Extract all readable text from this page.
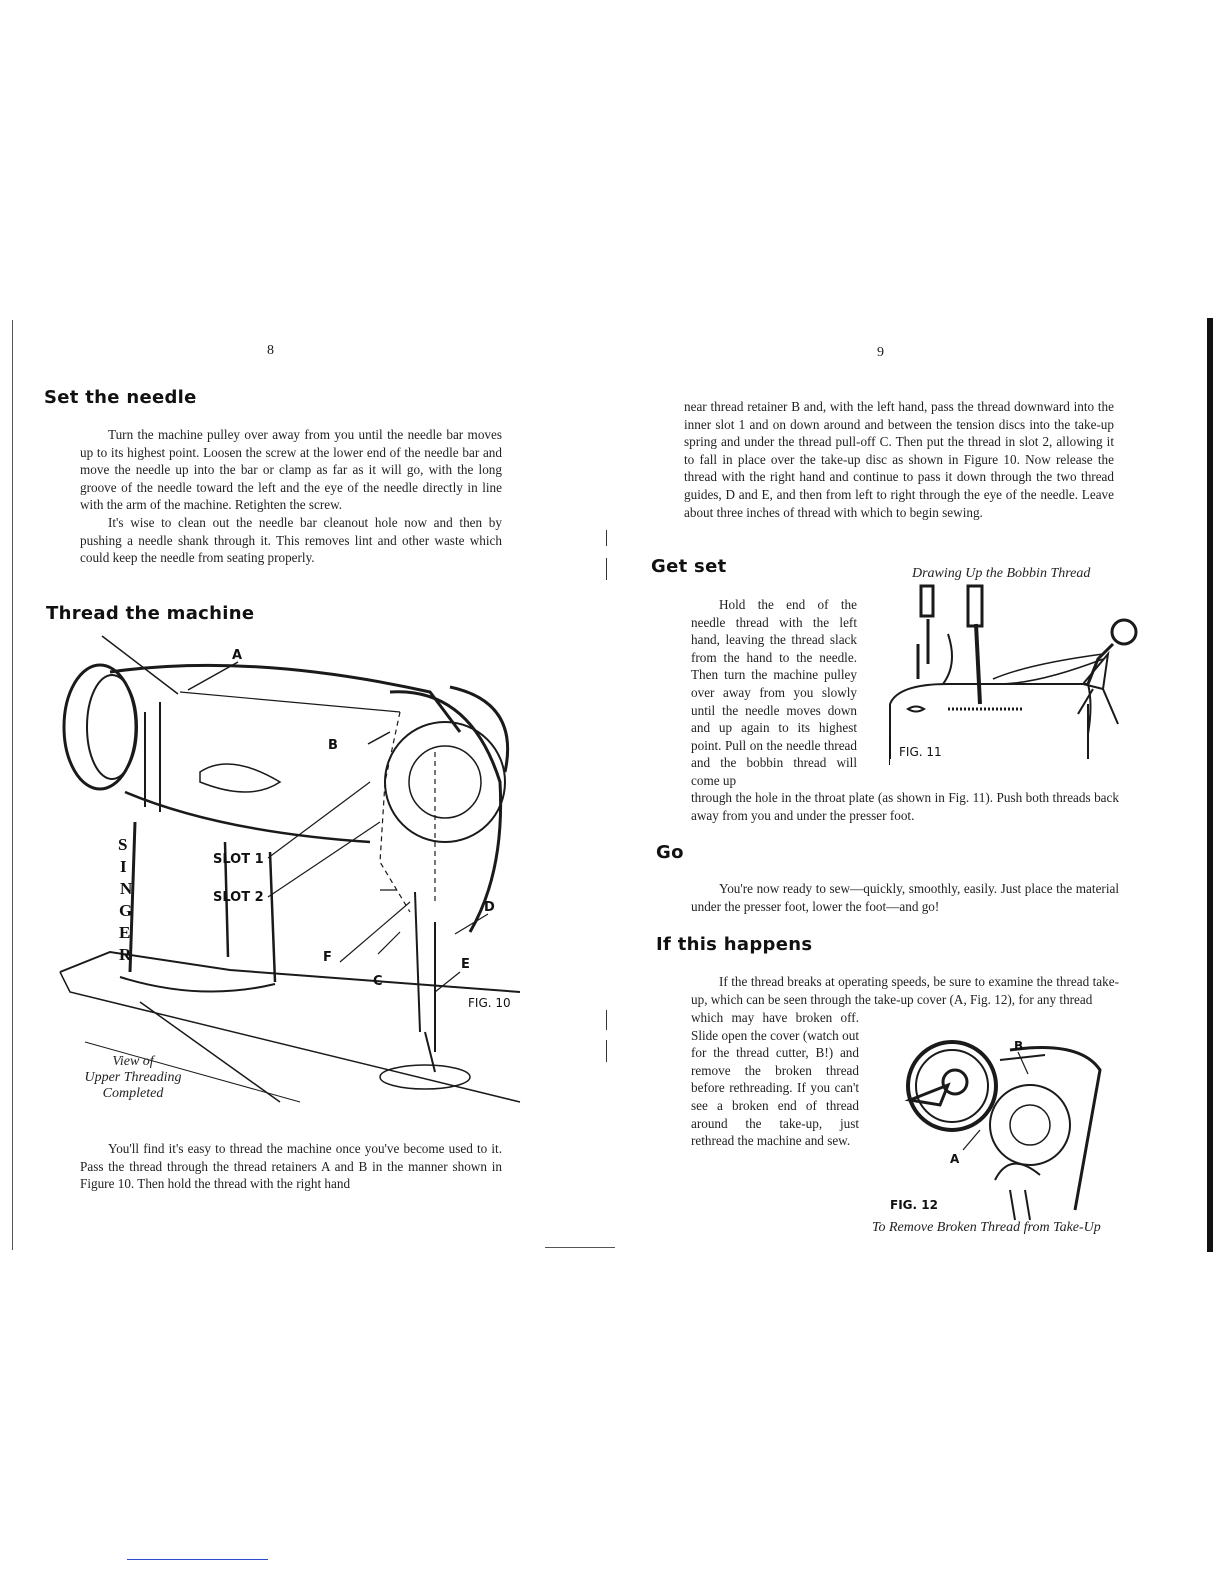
8
Set the needle

Turn the machine pulley over away from you until the needle bar moves up to its highest point. Loosen the screw at the lower end of the needle bar and move the needle up into the bar or clamp as far as it will go, with the long groove of the needle toward the left and the eye of the needle directly in line with the arm of the machine. Retighten the screw.

It's wise to clean out the needle bar cleanout hole now and then by pushing a needle shank through it. This removes lint and other waste which could keep the needle from seating properly.

Thread the machine
S
I
N
G
E
R
A
B
SLOT 1
SLOT 2
D
F	E
C
FIG. 10
View of
Upper Threading
Completed

You'll find it's easy to thread the machine once you've become used to it. Pass the thread through the thread retainers A and B in the manner shown in Figure 10. Then hold the thread with the right hand

9

near thread retainer B and, with the left hand, pass the thread downward into the inner slot 1 and on down around and between the tension discs into the take-up spring and under the thread pull-off C. Then put the thread in slot 2, allowing it to fall in place over the take-up disc as shown in Figure 10. Now release the thread with the right hand and continue to pass it down through the two thread guides, D and E, and then from left to right through the eye of the needle. Leave about three inches of thread with which to begin sewing.

Get set	Drawing Up the Bobbin Thread
FIG. 11

Hold the end of the needle thread with the left hand, leaving the thread slack from the hand to the needle. Then turn the machine pulley over away from you slowly until the needle moves down and up again to its highest point. Pull on the needle thread and the bobbin thread will come up

Go

You're now ready to sew—quickly, smoothly, easily. Just place the material under the presser foot, lower the foot—and go!

If this happens
B
A
FIG. 12
To Remove Broken Thread from Take-Up

If the thread breaks at operating speeds, be sure to examine the thread take-up, which can be seen through the take-up cover (A, Fig. 12), for any thread

through the hole in the throat plate (as shown in Fig. 11). Push both threads back away from you and under the presser foot.
which may have broken off. Slide open the cover (watch out for the thread cutter, B!) and remove the broken thread before rethreading. If you can't see a broken end of thread around the take-up, just rethread the machine and sew.
